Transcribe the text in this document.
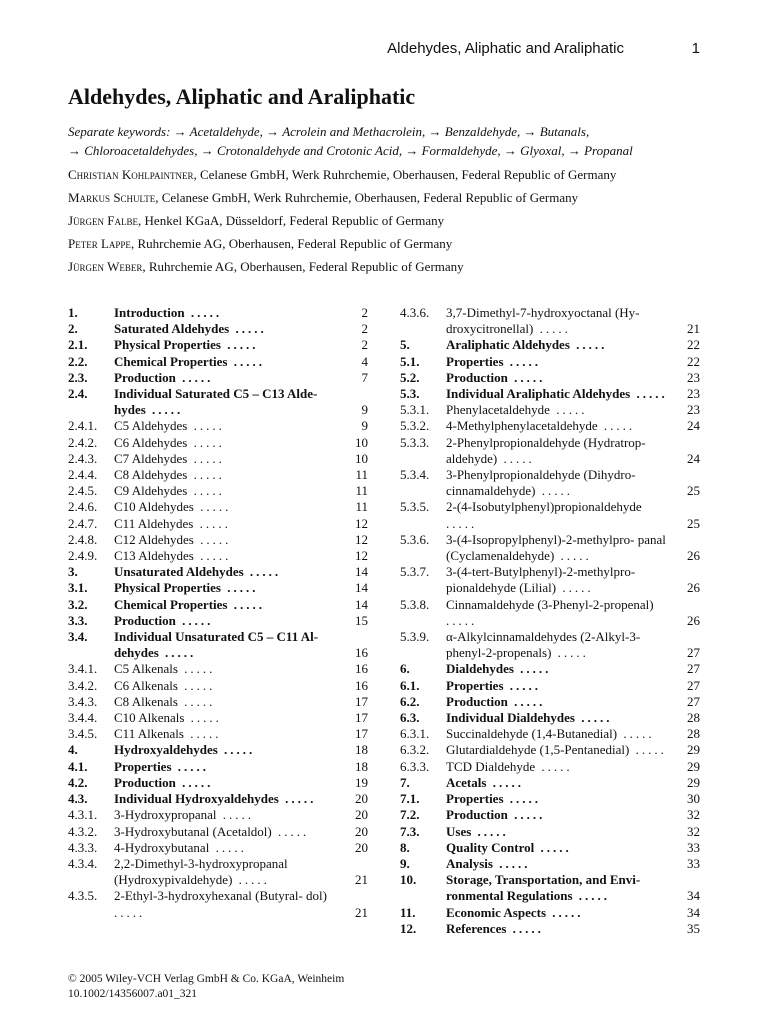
Aldehydes, Aliphatic and Araliphatic	1
Aldehydes, Aliphatic and Araliphatic
Separate keywords: → Acetaldehyde, → Acrolein and Methacrolein, → Benzaldehyde, → Butanals,
→ Chloroacetaldehydes, → Crotonaldehyde and Crotonic Acid, → Formaldehyde, → Glyoxal, → Propanal
Christian Kohlpaintner, Celanese GmbH, Werk Ruhrchemie, Oberhausen, Federal Republic of Germany
Markus Schulte, Celanese GmbH, Werk Ruhrchemie, Oberhausen, Federal Republic of Germany
Jürgen Falbe, Henkel KGaA, Düsseldorf, Federal Republic of Germany
Peter Lappe, Ruhrchemie AG, Oberhausen, Federal Republic of Germany
Jürgen Weber, Ruhrchemie AG, Oberhausen, Federal Republic of Germany
1.	Introduction .....	2
2.	Saturated Aldehydes .....	2
2.1. Physical Properties .....	2
2.2. Chemical Properties .....	4
2.3. Production .....	7
2.4. Individual Saturated C5 – C13 Alde- hydes .....	9
2.4.1. C5 Aldehydes .....	9
2.4.2. C6 Aldehydes .....	10
2.4.3. C7 Aldehydes .....	10
2.4.4. C8 Aldehydes .....	11
2.4.5. C9 Aldehydes .....	11
2.4.6. C10 Aldehydes .....	11
2.4.7. C11 Aldehydes .....	12
2.4.8. C12 Aldehydes .....	12
2.4.9. C13 Aldehydes .....	12
3.	Unsaturated Aldehydes .....	14
3.1. Physical Properties .....	14
3.2. Chemical Properties .....	14
3.3. Production .....	15
3.4. Individual Unsaturated C5 – C11 Al- dehydes .....	16
3.4.1. C5 Alkenals .....	16
3.4.2. C6 Alkenals .....	16
3.4.3. C8 Alkenals .....	17
3.4.4. C10 Alkenals .....	17
3.4.5. C11 Alkenals .....	17
4.	Hydroxyaldehydes .....	18
4.1. Properties .....	18
4.2. Production .....	19
4.3. Individual Hydroxyaldehydes .....	20
4.3.1. 3-Hydroxypropanal .....	20
4.3.2. 3-Hydroxybutanal (Acetaldol) .....	20
4.3.3. 4-Hydroxybutanal .....	20
4.3.4. 2,2-Dimethyl-3-hydroxypropanal (Hydroxypivaldehyde) .....	21
4.3.5. 2-Ethyl-3-hydroxyhexanal (Butyral- dol) .....	21
4.3.6. 3,7-Dimethyl-7-hydroxyoctanal (Hy- droxycitronellal) .....	21
5.	Araliphatic Aldehydes .....	22
5.1. Properties .....	22
5.2. Production .....	23
5.3. Individual Araliphatic Aldehydes ..... 23
5.3.1. Phenylacetaldehyde .....	23
5.3.2. 4-Methylphenylacetaldehyde .....	24
5.3.3. 2-Phenylpropionaldehyde (Hydratrop- aldehyde) .....	24
5.3.4. 3-Phenylpropionaldehyde (Dihydro- cinnamaldehyde) .....	25
5.3.5. 2-(4-Isobutylphenyl)propionaldehyde .....	25
5.3.6. 3-(4-Isopropylphenyl)-2-methylpro- panal (Cyclamenaldehyde) .....	26
5.3.7. 3-(4-tert-Butylphenyl)-2-methylpro- pionaldehyde (Lilial) .....	26
5.3.8. Cinnamaldehyde (3-Phenyl-2-propenal) .....	26
5.3.9. α-Alkylcinnamaldehydes (2-Alkyl-3- phenyl-2-propenals) .....	27
6.	Dialdehydes .....	27
6.1. Properties .....	27
6.2. Production .....	27
6.3. Individual Dialdehydes .....	28
6.3.1. Succinaldehyde (1,4-Butanedial) .....	28
6.3.2. Glutardialdehyde (1,5-Pentanedial) ..... 29
6.3.3. TCD Dialdehyde .....	29
7.	Acetals .....	29
7.1. Properties .....	30
7.2. Production .....	32
7.3. Uses .....	32
8.	Quality Control .....	33
9.	Analysis .....	33
10. Storage, Transportation, and Envi- ronmental Regulations .....	34
11. Economic Aspects .....	34
12. References .....	35
© 2005 Wiley-VCH Verlag GmbH & Co. KGaA, Weinheim
10.1002/14356007.a01_321
